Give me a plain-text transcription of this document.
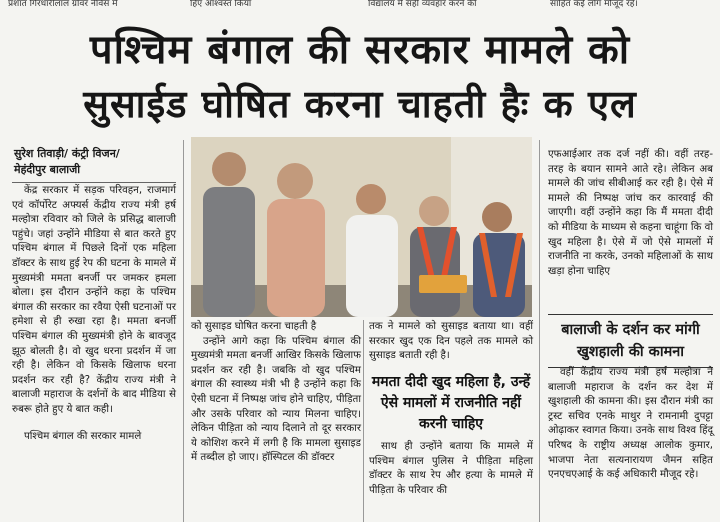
प्रशांत गिरधारीलाल ग्रोवर नेविस में	हिए आश्वस्त किया	विद्यालय में सही व्यवहार करने की	साहित कई लोग मौजूद रहे।
पश्चिम बंगाल की सरकार मामले को
सुसाईड घोषित करना चाहती हैः क एल
सुरेश तिवाड़ी/ कंट्री विजन/
मेहंदीपुर बालाजी

केंद्र सरकार में सड़क परिवहन, राजमार्ग एवं कॉर्पोरेट अफ्यर्स केंद्रीय राज्य मंत्री हर्ष मल्होत्रा रविवार को जिले के प्रसिद्ध बालाजी पहुंचे। जहां उन्होंने मीडिया से बात करते हुए पश्चिम बंगाल में पिछले दिनों एक महिला डॉक्टर के साथ हुई रेप की घटना के मामले में मुख्यमंत्री ममता बनर्जी पर जमकर हमला बोला। इस दौरान उन्होंने कहा के पश्चिम बंगाल की सरकार का रवैया ऐसी घटनाओं पर हमेशा से ही रुखा रहा है। ममता बनर्जी पश्चिम बंगाल की मुख्यमंत्री होने के बावजूद झूठ बोलती है। वो खुद धरना प्रदर्शन में जा रही है। लेकिन वो किसके खिलाफ धरना प्रदर्शन कर रही है? केंद्रीय राज्य मंत्री ने बालाजी महाराज के दर्शनों के बाद मीडिया से रुबरू होते हुए ये बात कही।

पश्चिम बंगाल की सरकार मामले

को सुसाइड घोषित करना चाहती है

उन्होंने आगे कहा कि पश्चिम बंगाल की मुख्यमंत्री ममता बनर्जी आखिर किसके खिलाफ प्रदर्शन कर रही है। जबकि वो खुद पश्चिम बंगाल की स्वास्थ्य मंत्री भी है उन्होंने कहा कि ऐसी घटना में निष्पक्ष जांच होने चाहिए, पीड़िता और उसके परिवार को न्याय मिलना चाहिए। लेकिन पीड़िता को न्याय दिलाने तो दूर सरकार ये कोशिश करने में लगी है कि मामला सुसाइड में तब्दील हो जाए। हॉस्पिटल की डॉक्टर

तक ने मामले को सुसाइड बताया था। वहीं सरकार खुद एक दिन पहले तक मामले को सुसाइड बताती रही है।
ममता दीदी खुद महिला है, उन्हें ऐसे मामलों में राजनीति नहीं करनी चाहिए

साथ ही उन्होंने बताया कि मामले में पश्चिम बंगाल पुलिस ने पीड़िता महिला डॉक्टर के साथ रेप और हत्या के मामले में पीड़िता के परिवार की

एफआईआर तक दर्ज नहीं की। वहीं तरह-तरह के बयान सामने आते रहे। लेकिन अब मामले की जांच सीबीआई कर रही है। ऐसे में मामले की निष्पक्ष जांच कर कारवाई की जाएगी। वहीं उन्होंने कहा कि मैं ममता दीदी को मीडिया के माध्यम से कहना चाहूंगा कि वो खुद महिला है। ऐसे में जो ऐसे मामलों में राजनीति ना करके, उनको महिलाओं के साथ खड़ा होना चाहिए

बालाजी के दर्शन कर मांगी खुशहाली की कामना

वहीं केंद्रीय राज्य मंत्री हर्ष मल्होत्रा ने बालाजी महाराज के दर्शन कर देश में खुशहाली की कामना की। इस दौरान मंत्री का ट्रस्ट सचिव एनके माथुर ने रामनामी दुपट्टा ओढ़ाकर स्वागत किया। उनके साथ विश्व हिंदू परिषद के राष्ट्रीय अध्यक्ष आलोक कुमार, भाजपा नेता सत्यनारायण जैमन सहित एनएचएआई के कई अधिकारी मौजूद रहे।
